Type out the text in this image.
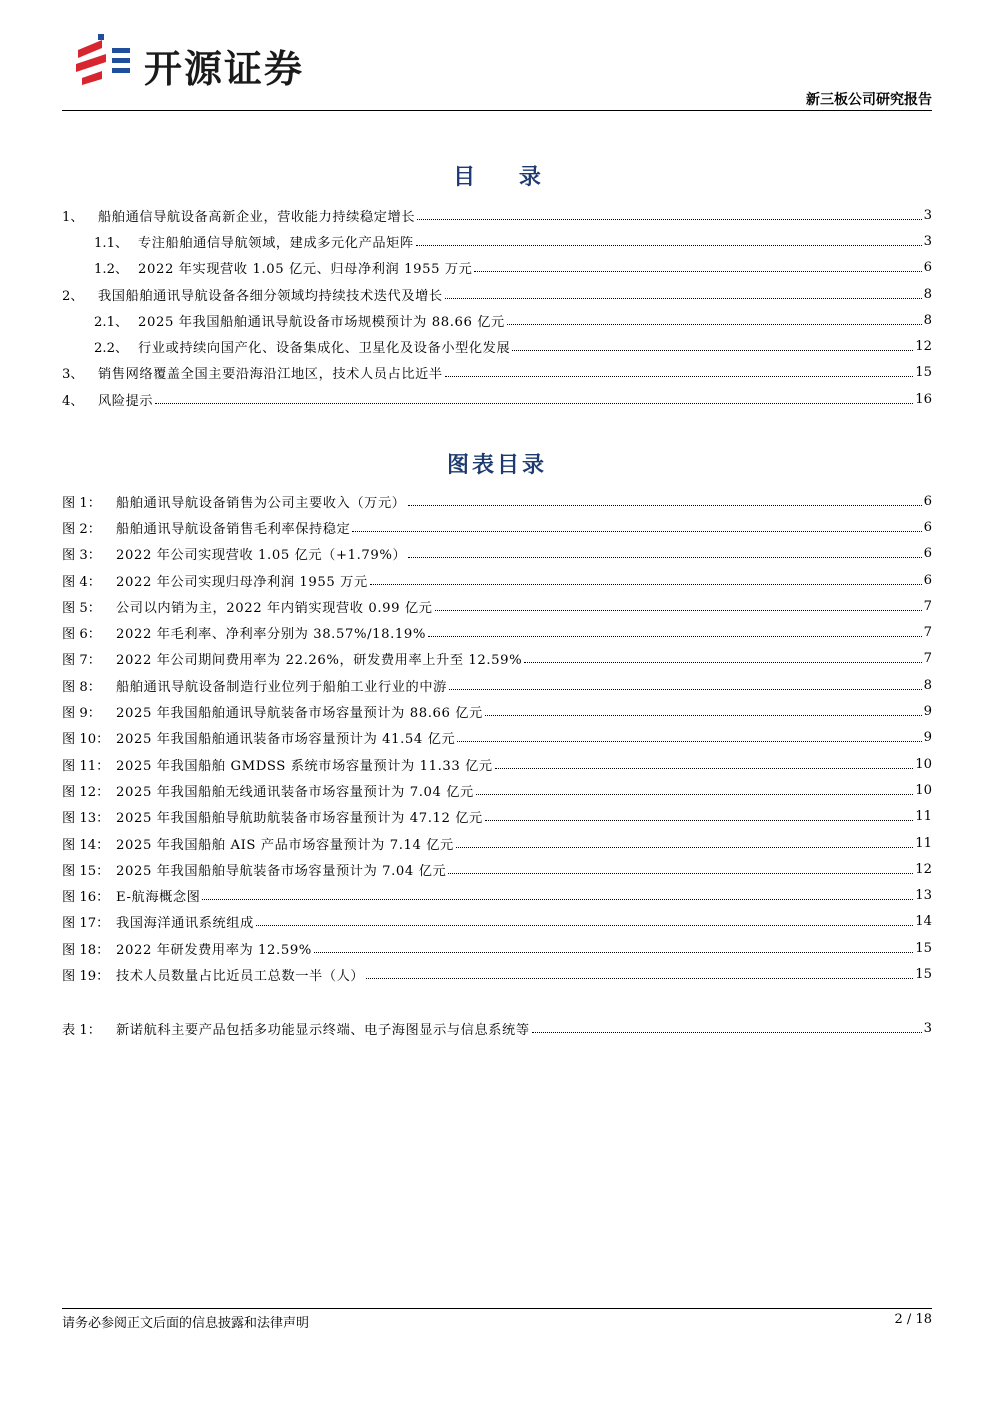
开源证券
新三板公司研究报告
目 录
1、	船舶通信导航设备高新企业，营收能力持续稳定增长	3
1.1、 专注船舶通信导航领域，建成多元化产品矩阵	3
1.2、 2022 年实现营收 1.05 亿元、归母净利润 1955 万元	6
2、	我国船舶通讯导航设备各细分领域均持续技术迭代及增长	8
2.1、 2025 年我国船舶通讯导航设备市场规模预计为 88.66 亿元	8
2.2、 行业或持续向国产化、设备集成化、卫星化及设备小型化发展	12
3、	销售网络覆盖全国主要沿海沿江地区，技术人员占比近半	15
4、	风险提示	16
图表目录
图 1：	船舶通讯导航设备销售为公司主要收入（万元）	6
图 2：	船舶通讯导航设备销售毛利率保持稳定	6
图 3：	2022 年公司实现营收 1.05 亿元（+1.79%）	6
图 4：	2022 年公司实现归母净利润 1955 万元	6
图 5：	公司以内销为主，2022 年内销实现营收 0.99 亿元	7
图 6：	2022 年毛利率、净利率分别为 38.57%/18.19%	7
图 7：	2022 年公司期间费用率为 22.26%，研发费用率上升至 12.59%	7
图 8：	船舶通讯导航设备制造行业位列于船舶工业行业的中游	8
图 9：	2025 年我国船舶通讯导航装备市场容量预计为 88.66 亿元	9
图 10： 2025 年我国船舶通讯装备市场容量预计为 41.54 亿元	9
图 11： 2025 年我国船舶 GMDSS 系统市场容量预计为 11.33 亿元	10
图 12： 2025 年我国船舶无线通讯装备市场容量预计为 7.04 亿元	10
图 13： 2025 年我国船舶导航助航装备市场容量预计为 47.12 亿元	11
图 14： 2025 年我国船舶 AIS 产品市场容量预计为 7.14 亿元	11
图 15： 2025 年我国船舶导航装备市场容量预计为 7.04 亿元	12
图 16： E-航海概念图	13
图 17： 我国海洋通讯系统组成	14
图 18： 2022 年研发费用率为 12.59%	15
图 19： 技术人员数量占比近员工总数一半（人）	15
表 1：	新诺航科主要产品包括多功能显示终端、电子海图显示与信息系统等	3
请务必参阅正文后面的信息披露和法律声明	2 / 18
